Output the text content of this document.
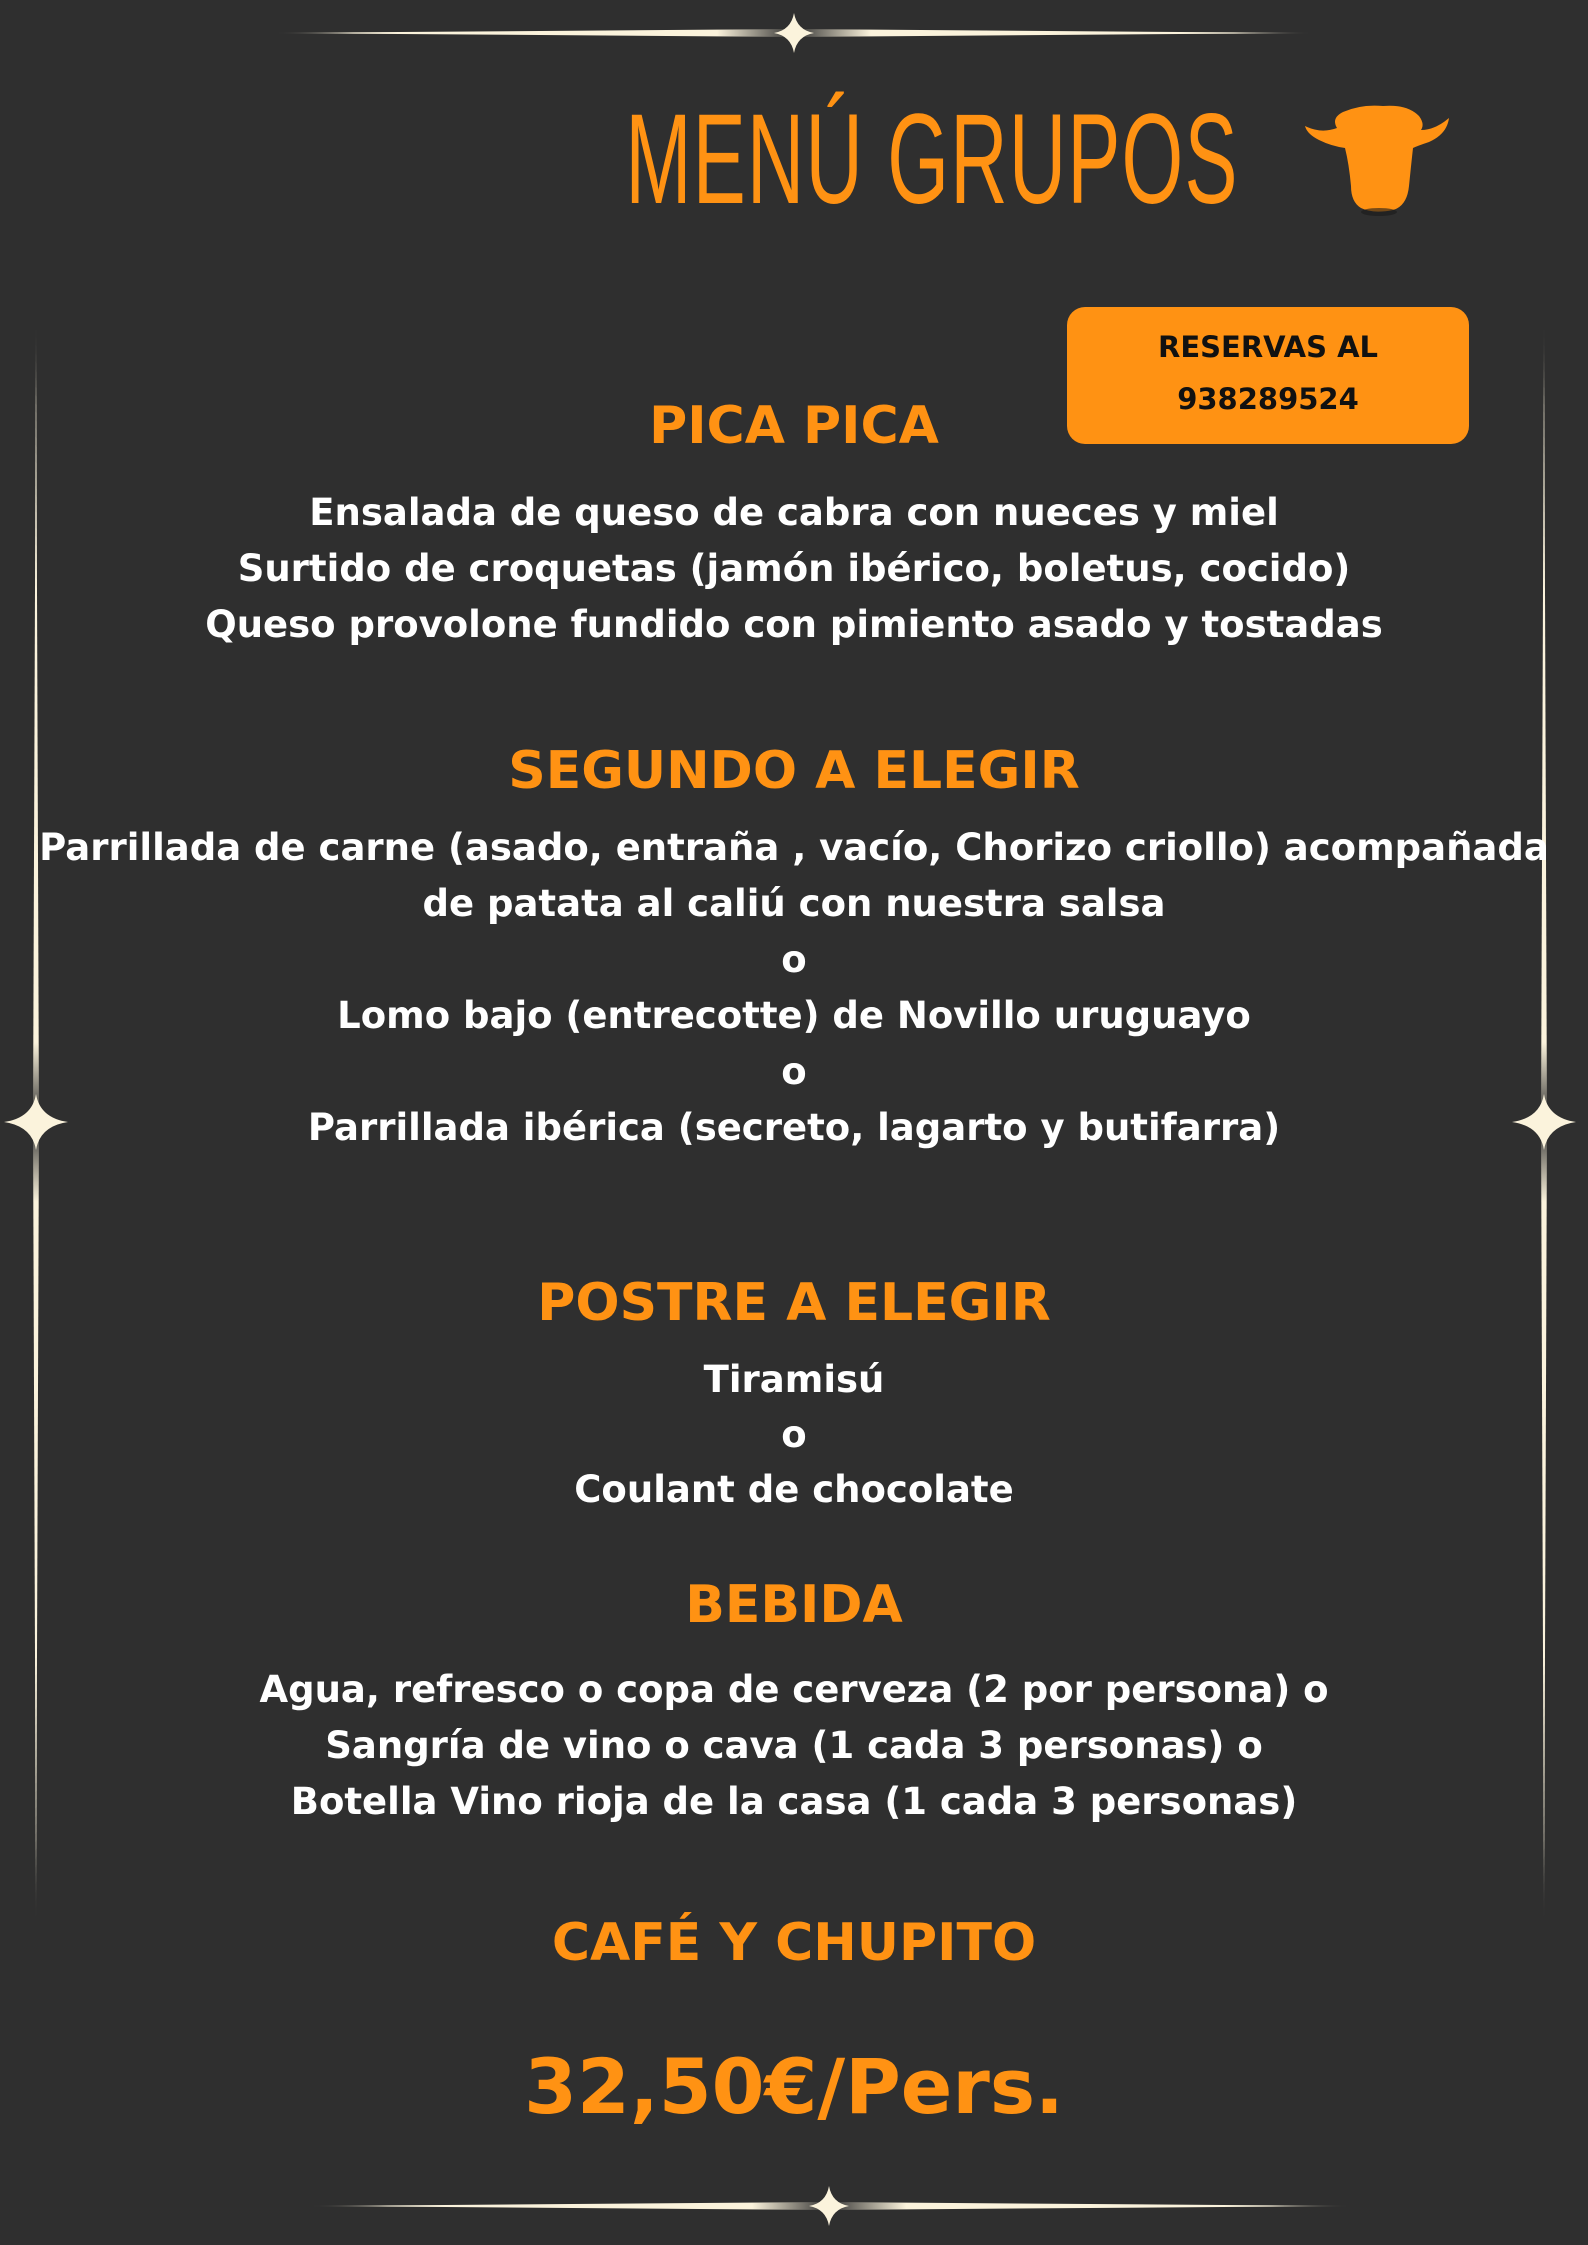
MENÚ GRUPOS
RESERVAS AL
938289524
PICA PICA
Ensalada de queso de cabra con nueces y miel
Surtido de croquetas (jamón ibérico, boletus, cocido)
Queso provolone fundido con pimiento asado y tostadas
SEGUNDO A ELEGIR
Parrillada de carne (asado, entraña , vacío, Chorizo criollo) acompañada
de patata al caliú con nuestra salsa
o
Lomo bajo (entrecotte) de Novillo uruguayo
o
Parrillada ibérica (secreto, lagarto y butifarra)
POSTRE A ELEGIR
Tiramisú
o
Coulant de chocolate
BEBIDA
Agua, refresco o copa de cerveza (2 por persona) o
Sangría de vino o cava (1 cada 3 personas) o
Botella Vino rioja de la casa (1 cada 3 personas)
CAFÉ Y CHUPITO
32,50€/Pers.
